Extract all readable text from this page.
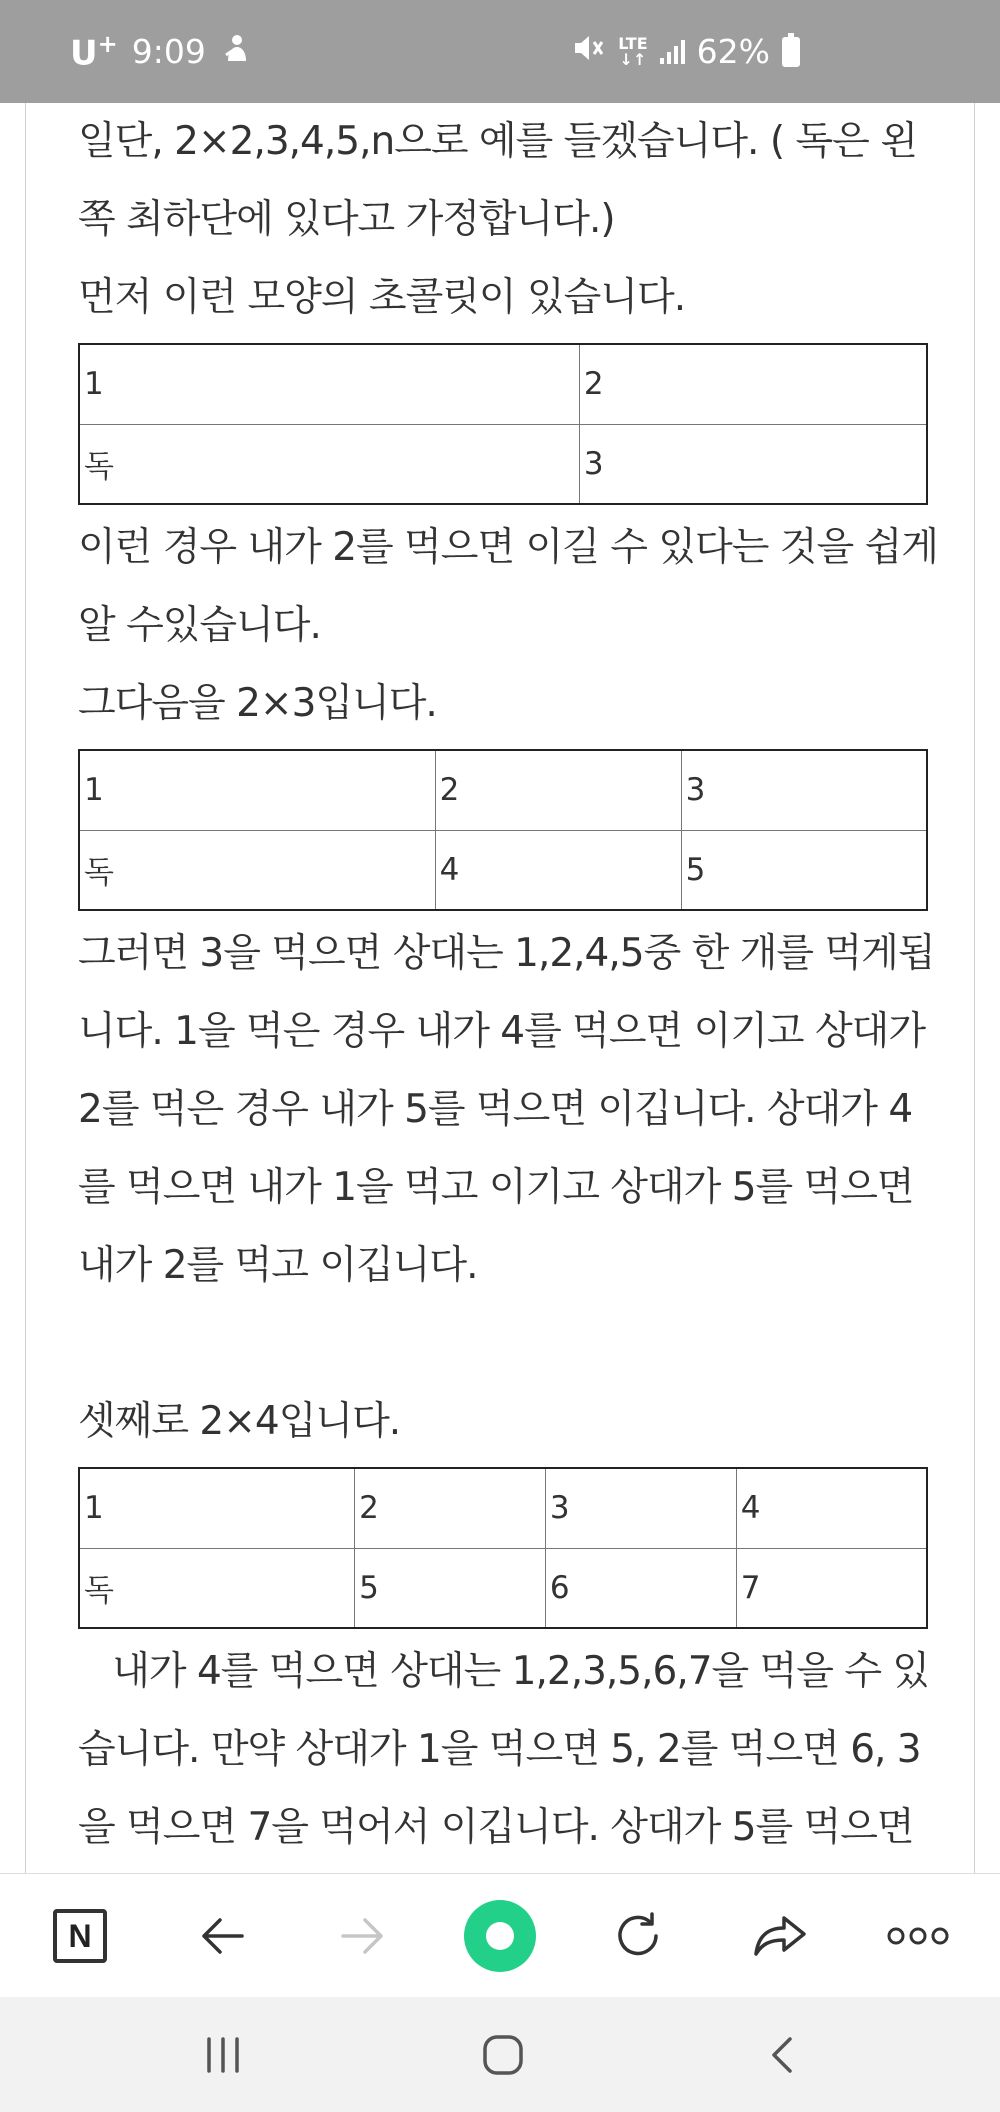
U+ 9:09	LTE
↓↑ 62%

일단, 2×2,3,4,5,n으로 예를 들겠습니다. ( 독은 왼쪽 최하단에 있다고 가정합니다.)

먼저 이런 모양의 초콜릿이 있습니다.

1	2
독	3

이런 경우 내가 2를 먹으면 이길 수 있다는 것을 쉽게 알 수있습니다.

그다음을 2×3입니다.

1	2	3
독	4	5

그러면 3을 먹으면 상대는 1,2,4,5중 한 개를 먹게됩니다. 1을 먹은 경우 내가 4를 먹으면 이기고 상대가 2를 먹은 경우 내가 5를 먹으면 이깁니다. 상대가 4를 먹으면 내가 1을 먹고 이기고 상대가 5를 먹으면 내가 2를 먹고 이깁니다.

셋째로 2×4입니다.

1	2	3	4
독	5	6	7

내가 4를 먹으면 상대는 1,2,3,5,6,7을 먹을 수 있습니다. 만약 상대가 1을 먹으면 5, 2를 먹으면 6, 3을 먹으면 7을 먹어서 이깁니다. 상대가 5를 먹으면

N
